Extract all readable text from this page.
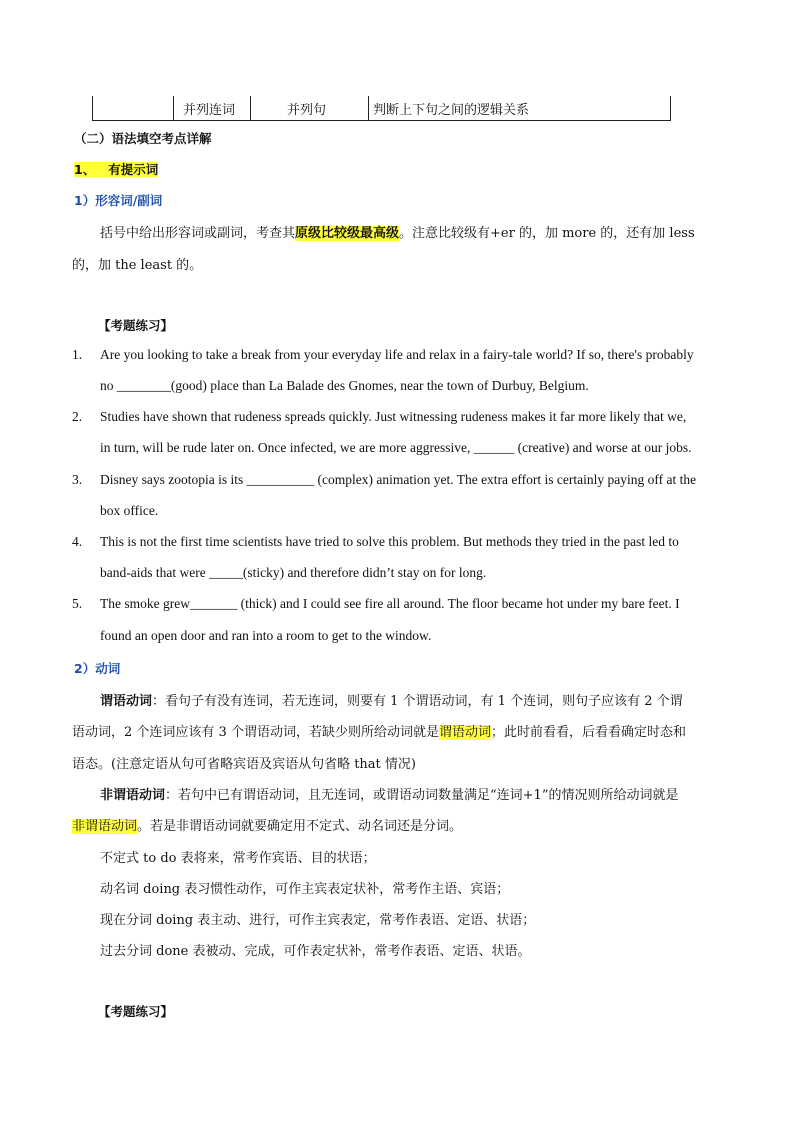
并列连词	并列句	判断上下句之间的逻辑关系
（二）语法填空考点详解
1、 有提示词
1）形容词/副词
括号中给出形容词或副词，考查其原级比较级最高级。注意比较级有+er 的，加 more 的，还有加 less
的，加 the least 的。
【考题练习】
1. Are you looking to take a break from your everyday life and relax in a fairy-tale world? If so, there's probably
no ________(good) place than La Balade des Gnomes, near the town of Durbuy, Belgium.
2. Studies have shown that rudeness spreads quickly. Just witnessing rudeness makes it far more likely that we,
in turn, will be rude later on. Once infected, we are more aggressive, ______ (creative) and worse at our jobs.
3. Disney says zootopia is its __________ (complex) animation yet. The extra effort is certainly paying off at the
box office.
4. This is not the first time scientists have tried to solve this problem. But methods they tried in the past led to
band-aids that were _____(sticky) and therefore didn’t stay on for long.
5. The smoke grew_______ (thick) and I could see fire all around. The floor became hot under my bare feet. I
found an open door and ran into a room to get to the window.
2）动词
谓语动词：看句子有没有连词，若无连词，则要有 1 个谓语动词，有 1 个连词，则句子应该有 2 个谓
语动词，2 个连词应该有 3 个谓语动词，若缺少则所给动词就是谓语动词；此时前看看，后看看确定时态和
语态。(注意定语从句可省略宾语及宾语从句省略 that 情况)
非谓语动词：若句中已有谓语动词，且无连词，或谓语动词数量满足“连词+1”的情况则所给动词就是
非谓语动词。若是非谓语动词就要确定用不定式、动名词还是分词。
不定式 to do 表将来，常考作宾语、目的状语；
动名词 doing 表习惯性动作，可作主宾表定状补，常考作主语、宾语；
现在分词 doing 表主动、进行，可作主宾表定，常考作表语、定语、状语；
过去分词 done 表被动、完成，可作表定状补，常考作表语、定语、状语。
【考题练习】
